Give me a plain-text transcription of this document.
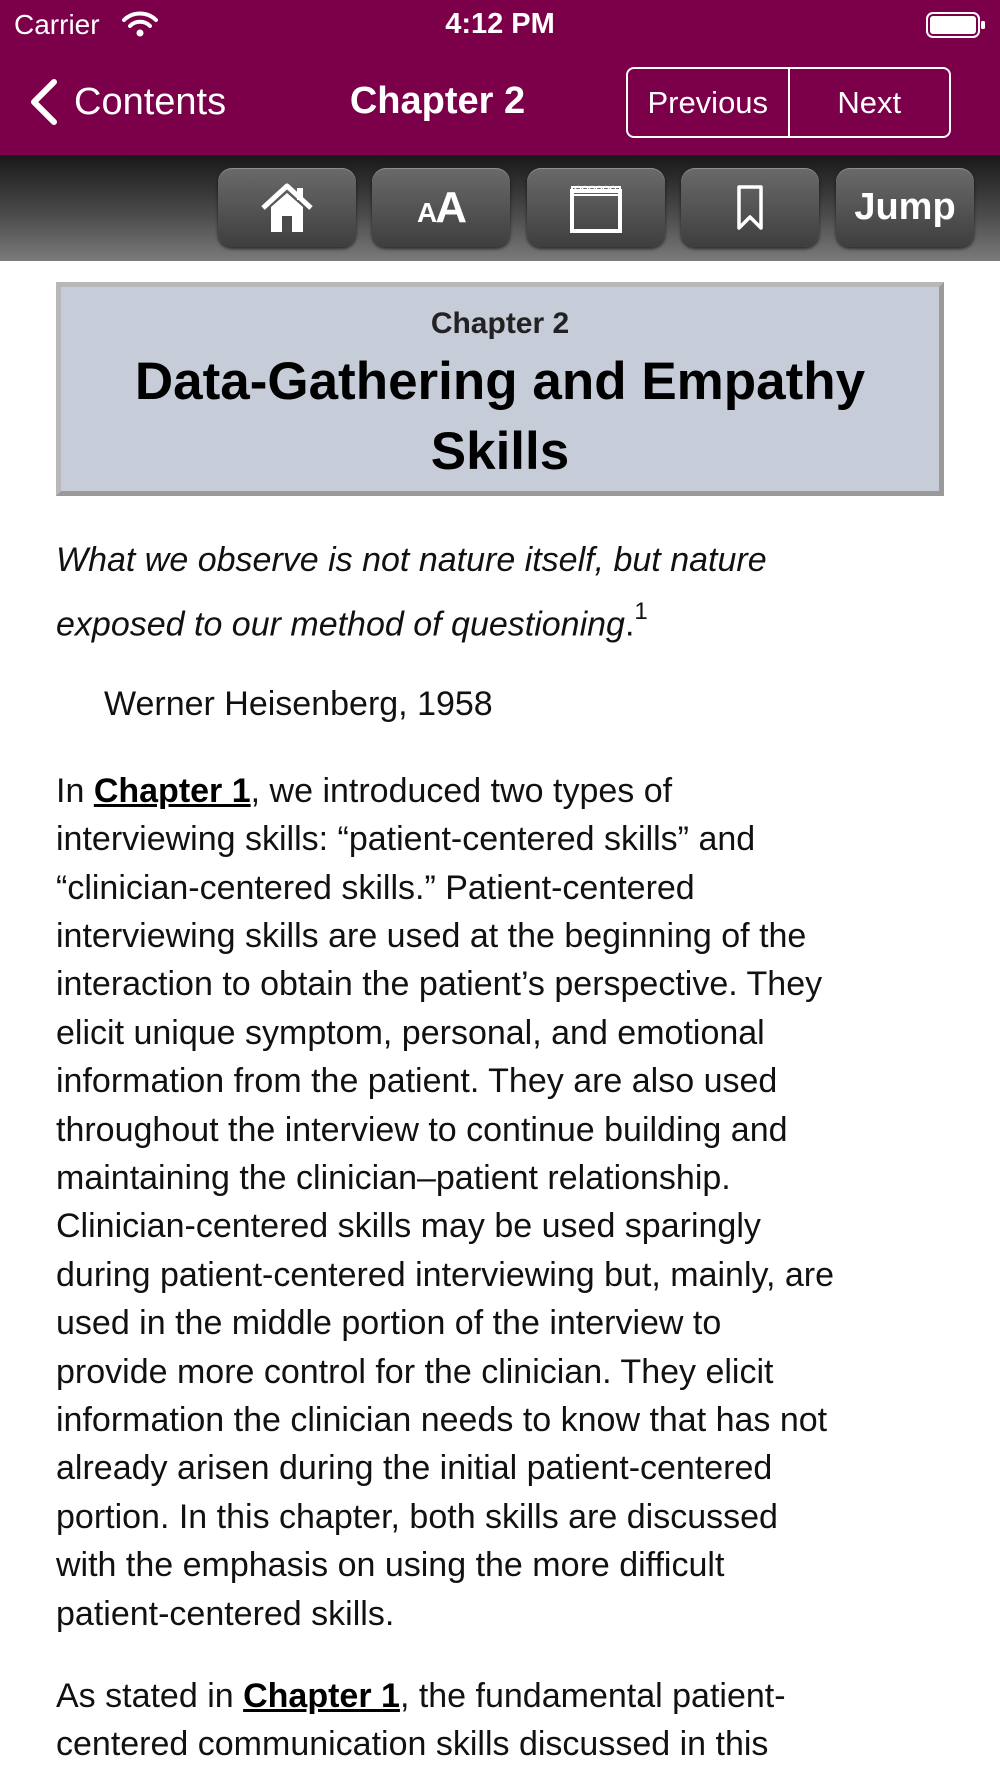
Carrier	4:12 PM
Contents	Chapter 2	Previous	Next
AA	Jump
Chapter 2
Data-Gathering and Empathy
Skills
What we observe is not nature itself, but nature
exposed to our method of questioning.$^1$
Werner Heisenberg, 1958
In Chapter 1, we introduced two types of
interviewing skills: “patient-centered skills” and
“clinician-centered skills.” Patient-centered
interviewing skills are used at the beginning of the
interaction to obtain the patient’s perspective. They
elicit unique symptom, personal, and emotional
information from the patient. They are also used
throughout the interview to continue building and
maintaining the clinician–patient relationship.
Clinician-centered skills may be used sparingly
during patient-centered interviewing but, mainly, are
used in the middle portion of the interview to
provide more control for the clinician. They elicit
information the clinician needs to know that has not
already arisen during the initial patient-centered
portion. In this chapter, both skills are discussed
with the emphasis on using the more difficult
patient-centered skills.
As stated in Chapter 1, the fundamental patient-
centered communication skills discussed in this
